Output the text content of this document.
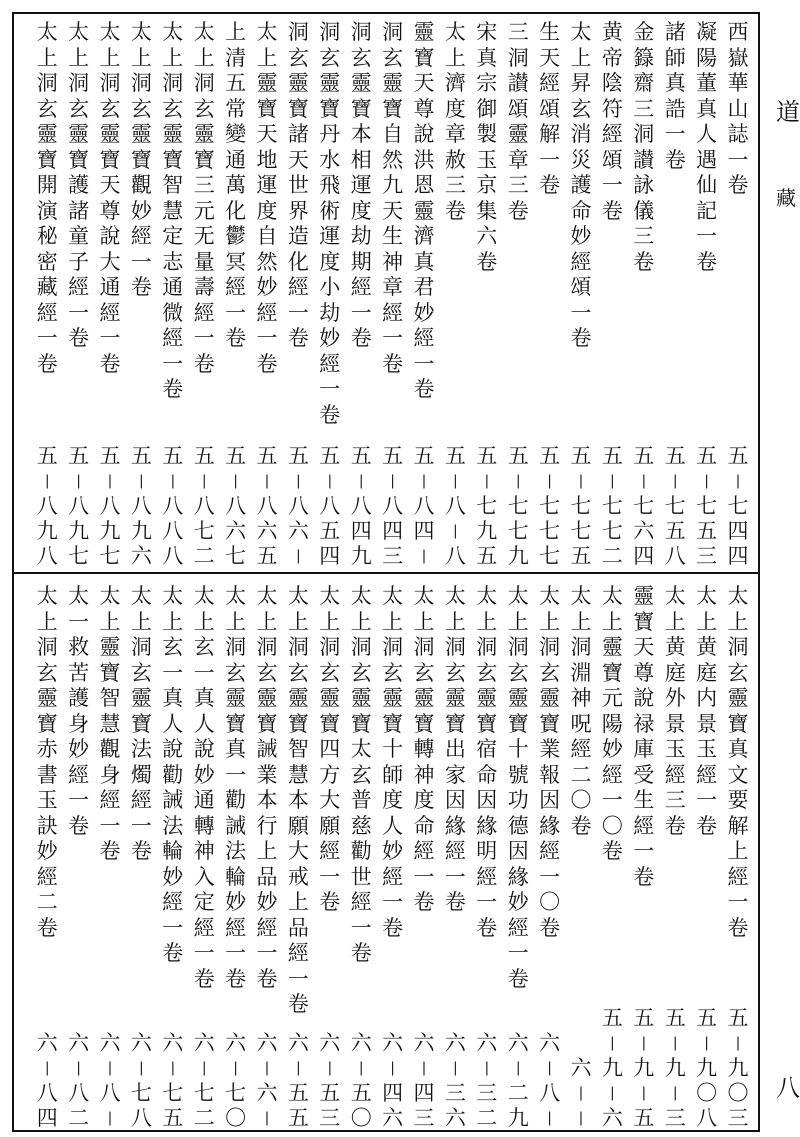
西
嶽
華
山
誌
一
卷
凝
陽
董
真
人
遇
仙
記
一
卷
諸
師
真
誥
一
卷
金
籙
齋
三
洞
讃
詠
儀
三
卷
黄
帝
陰
符
經
頌
一
卷
太
上
昇
玄
消
災
護
命
妙
經
頌
一
卷
生
天
經
頌
解
一
卷
三
洞
讃
頌
靈
章
三
卷
宋
真
宗
御
製
玉
京
集
六
卷
太
上
濟
度
章
赦
三
卷
靈
寶
天
尊
說
洪
恩
靈
濟
真
君
妙
經
一
卷
洞
玄
靈
寶
自
然
九
天
生
神
章
經
一
卷
洞
玄
靈
寶
本
相
運
度
劫
期
經
一
卷
洞
玄
靈
寶
丹
水
飛
術
運
度
小
劫
妙
經
一
卷
洞
玄
靈
寶
諸
天
世
界
造
化
經
一
卷
太
上
靈
寶
天
地
運
度
自
然
妙
經
一
卷
上
清
五
常
變
通
萬
化
鬱
冥
經
一
卷
太
上
洞
玄
靈
寶
三
元
无
量
壽
經
一
卷
太
上
洞
玄
靈
寶
智
慧
定
志
通
微
經
一
卷
太
上
洞
玄
靈
寶
觀
妙
經
一
卷
太
上
洞
玄
靈
寶
天
尊
說
大
通
經
一
卷
太
上
洞
玄
靈
寶
護
諸
童
子
經
一
卷
太
上
洞
玄
靈
寶
開
演
秘
密
藏
經
一
卷
五
|
七
四
四
五
|
七
五
三
五
|
七
五
八
五
|
七
六
四
五
|
七
七
二
五
|
七
七
五
五
|
七
七
七
五
|
七
七
九
五
|
七
九
五
五
|
八
|
八
五
|
八
四
|
五
|
八
四
三
五
|
八
四
九
五
|
八
五
四
五
|
八
六
|
五
|
八
六
五
五
|
八
六
七
五
|
八
七
二
五
|
八
八
八
五
|
八
九
六
五
|
八
九
七
五
|
八
九
七
五
|
八
九
八
太
上
洞
玄
靈
寶
真
文
要
解
上
經
一
卷
太
上
黄
庭
内
景
玉
經
一
卷
太
上
黄
庭
外
景
玉
經
三
卷
靈
寶
天
尊
說
禄
庫
受
生
經
一
卷
太
上
靈
寶
元
陽
妙
經
一
〇
卷
太
上
洞
淵
神
呪
經
二
〇
卷
太
上
洞
玄
靈
寶
業
報
因
緣
經
一
〇
卷
太
上
洞
玄
靈
寶
十
號
功
德
因
緣
妙
經
一
卷
太
上
洞
玄
靈
寶
宿
命
因
緣
明
經
一
卷
太
上
洞
玄
靈
寶
出
家
因
緣
經
一
卷
太
上
洞
玄
靈
寶
轉
神
度
命
經
一
卷
太
上
洞
玄
靈
寶
十
師
度
人
妙
經
一
卷
太
上
洞
玄
靈
寶
太
玄
普
慈
勸
世
經
一
卷
太
上
洞
玄
靈
寶
四
方
大
願
經
一
卷
太
上
洞
玄
靈
寶
智
慧
本
願
大
戒
上
品
經
一
卷
太
上
洞
玄
靈
寶
誡
業
本
行
上
品
妙
經
一
卷
太
上
洞
玄
靈
寶
真
一
勸
誡
法
輪
妙
經
一
卷
太
上
玄
一
真
人
說
妙
通
轉
神
入
定
經
一
卷
太
上
玄
一
真
人
說
勸
誡
法
輪
妙
經
一
卷
太
上
洞
玄
靈
寶
法
燭
經
一
卷
太
上
靈
寶
智
慧
觀
身
經
一
卷
太
一
救
苦
護
身
妙
經
一
卷
太
上
洞
玄
靈
寶
赤
書
玉
訣
妙
經
二
卷
五
|
九
〇
三
五
|
九
〇
八
五
|
九
|
三
五
|
九
|
五
五
|
九
|
六
六
|
|
六
|
八
|
六
|
二
九
六
|
三
二
六
|
三
六
六
|
四
三
六
|
四
六
六
|
五
〇
六
|
五
三
六
|
五
五
六
|
六
|
六
|
七
〇
六
|
七
二
六
|
七
五
六
|
七
八
六
|
八
|
六
|
八
二
六
|
八
四
道
藏
八
